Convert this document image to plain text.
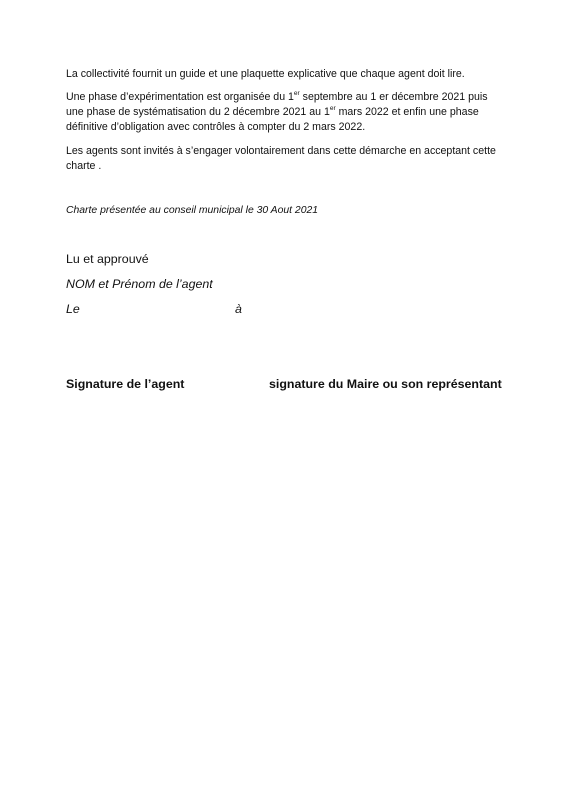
La collectivité fournit un guide et une plaquette explicative que chaque agent doit lire.

Une phase d’expérimentation est organisée du 1er septembre au 1 er décembre 2021 puis une phase de systématisation du 2 décembre 2021 au 1er mars 2022 et enfin une phase définitive d’obligation avec contrôles à compter du 2 mars 2022.

Les agents sont invités à s’engager volontairement dans cette démarche en acceptant cette charte .

Charte présentée au conseil municipal le 30 Aout 2021

Lu et approuvé

NOM et Prénom de l’agent

Le	à

Signature de l’agent	signature du Maire ou son représentant
